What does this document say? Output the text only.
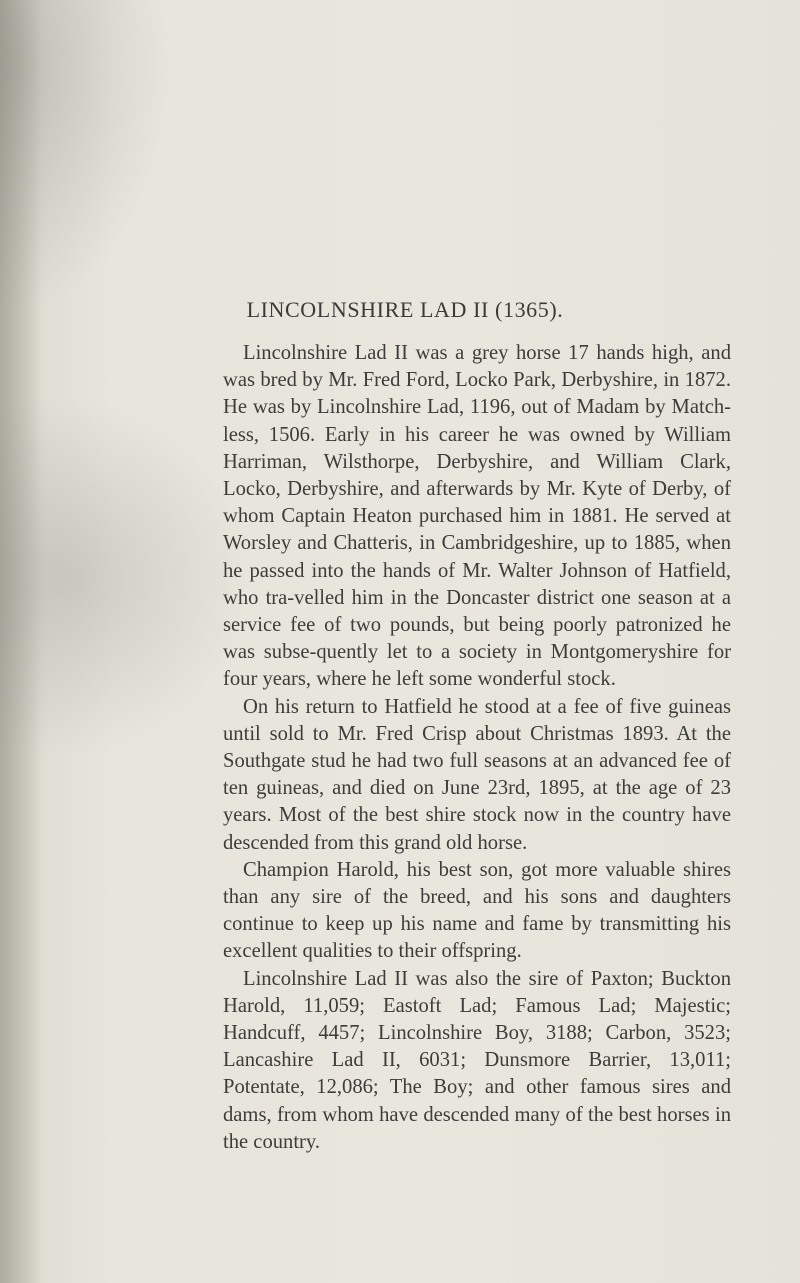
LINCOLNSHIRE LAD II (1365).

Lincolnshire Lad II was a grey horse 17 hands high, and was bred by Mr. Fred Ford, Locko Park, Derbyshire, in 1872. He was by Lincolnshire Lad, 1196, out of Madam by Match-less, 1506. Early in his career he was owned by William Harriman, Wilsthorpe, Derbyshire, and William Clark, Locko, Derbyshire, and afterwards by Mr. Kyte of Derby, of whom Captain Heaton purchased him in 1881. He served at Worsley and Chatteris, in Cambridgeshire, up to 1885, when he passed into the hands of Mr. Walter Johnson of Hatfield, who tra-velled him in the Doncaster district one season at a service fee of two pounds, but being poorly patronized he was subse-quently let to a society in Montgomeryshire for four years, where he left some wonderful stock.

On his return to Hatfield he stood at a fee of five guineas until sold to Mr. Fred Crisp about Christmas 1893. At the Southgate stud he had two full seasons at an advanced fee of ten guineas, and died on June 23rd, 1895, at the age of 23 years. Most of the best shire stock now in the country have descended from this grand old horse.

Champion Harold, his best son, got more valuable shires than any sire of the breed, and his sons and daughters continue to keep up his name and fame by transmitting his excellent qualities to their offspring.

Lincolnshire Lad II was also the sire of Paxton; Buckton Harold, 11,059; Eastoft Lad; Famous Lad; Majestic; Handcuff, 4457; Lincolnshire Boy, 3188; Carbon, 3523; Lancashire Lad II, 6031; Dunsmore Barrier, 13,011; Potentate, 12,086; The Boy; and other famous sires and dams, from whom have descended many of the best horses in the country.
